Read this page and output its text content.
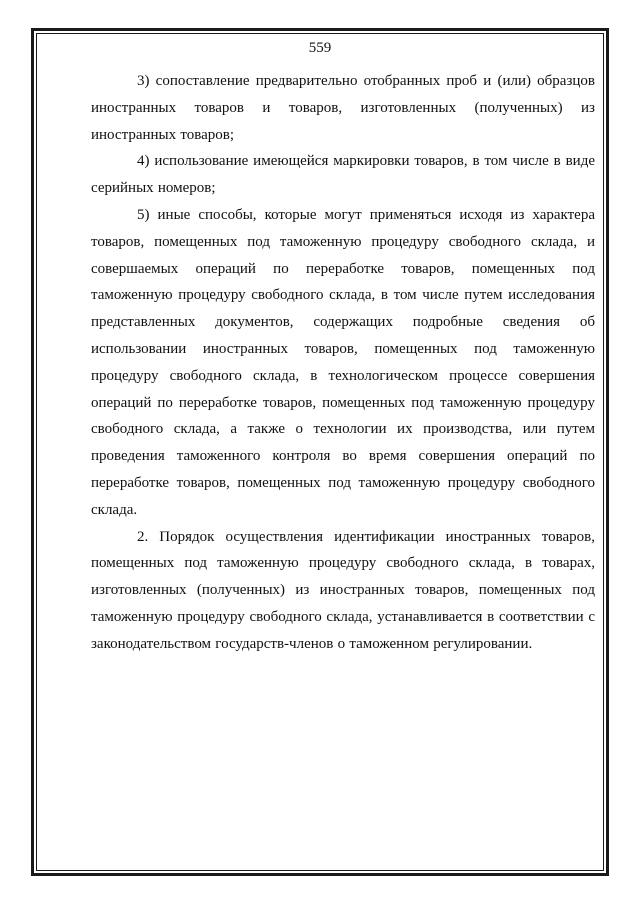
559

3) сопоставление предварительно отобранных проб и (или) образцов иностранных товаров и товаров, изготовленных (полученных) из иностранных товаров;

4) использование имеющейся маркировки товаров, в том числе в виде серийных номеров;

5) иные способы, которые могут применяться исходя из характера товаров, помещенных под таможенную процедуру свободного склада, и совершаемых операций по переработке товаров, помещенных под таможенную процедуру свободного склада, в том числе путем исследования представленных документов, содержащих подробные сведения об использовании иностранных товаров, помещенных под таможенную процедуру свободного склада, в технологическом процессе совершения операций по переработке товаров, помещенных под таможенную процедуру свободного склада, а также о технологии их производства, или путем проведения таможенного контроля во время совершения операций по переработке товаров, помещенных под таможенную процедуру свободного склада.

2. Порядок осуществления идентификации иностранных товаров, помещенных под таможенную процедуру свободного склада, в товарах, изготовленных (полученных) из иностранных товаров, помещенных под таможенную процедуру свободного склада, устанавливается в соответствии с законодательством государств-членов о таможенном регулировании.
